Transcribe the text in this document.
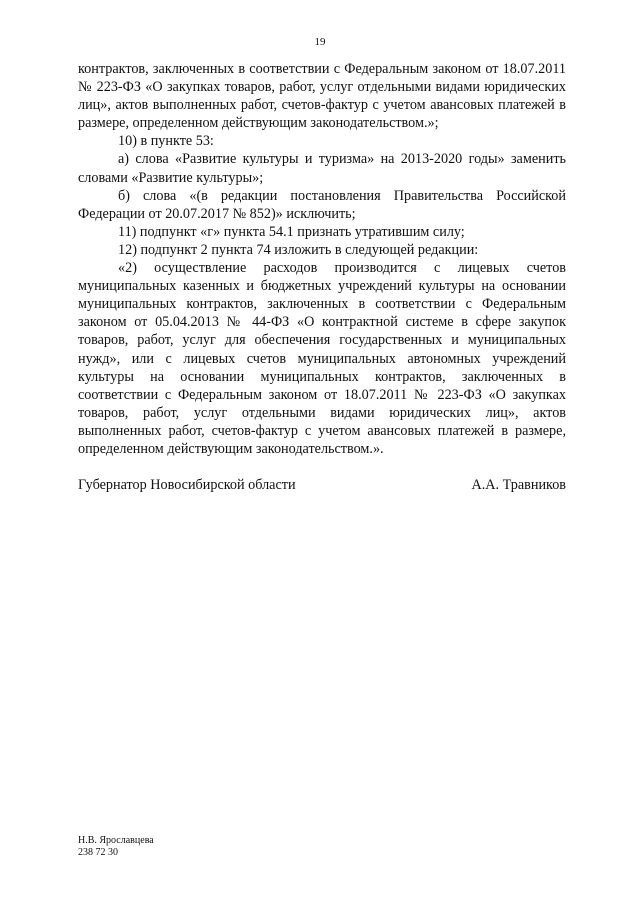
19

контрактов, заключенных в соответствии с Федеральным законом от 18.07.2011 № 223-ФЗ «О закупках товаров, работ, услуг отдельными видами юридических лиц», актов выполненных работ, счетов-фактур с учетом авансовых платежей в размере, определенном действующим законодательством.»;

10) в пункте 53:

а) слова «Развитие культуры и туризма» на 2013-2020 годы» заменить словами «Развитие культуры»;

б) слова «(в редакции постановления Правительства Российской Федерации от 20.07.2017 № 852)» исключить;

11) подпункт «г» пункта 54.1 признать утратившим силу;

12) подпункт 2 пункта 74 изложить в следующей редакции:

«2) осуществление расходов производится с лицевых счетов муниципальных казенных и бюджетных учреждений культуры на основании муниципальных контрактов, заключенных в соответствии с Федеральным законом от 05.04.2013 № 44-ФЗ «О контрактной системе в сфере закупок товаров, работ, услуг для обеспечения государственных и муниципальных нужд», или с лицевых счетов муниципальных автономных учреждений культуры на основании муниципальных контрактов, заключенных в соответствии с Федеральным законом от 18.07.2011 № 223-ФЗ «О закупках товаров, работ, услуг отдельными видами юридических лиц», актов выполненных работ, счетов-фактур с учетом авансовых платежей в размере, определенном действующим законодательством.».

Губернатор Новосибирской области	А.А. Травников
Н.В. Ярославцева
238 72 30
